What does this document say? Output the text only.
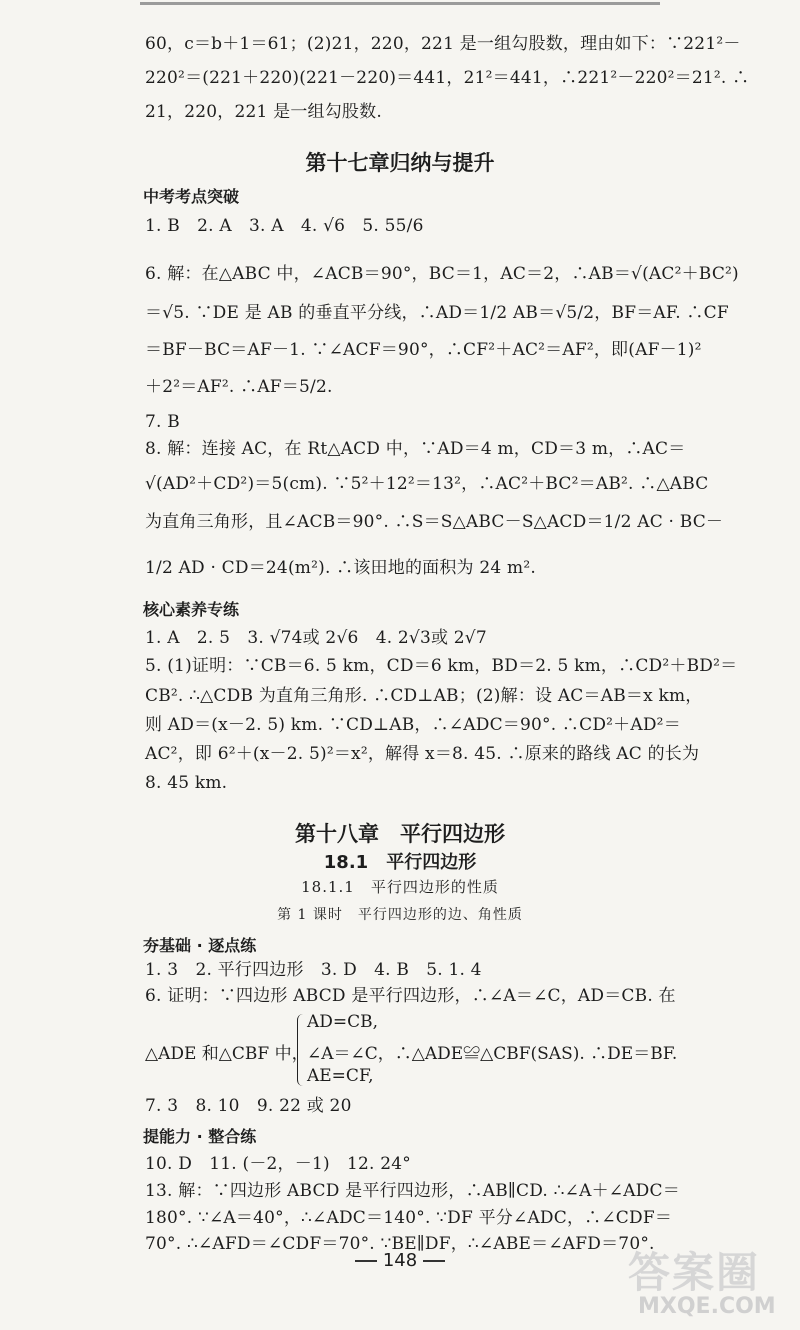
60，c＝b＋1＝61；(2)21，220，221 是一组勾股数，理由如下：∵221²－
220²＝(221＋220)(221－220)＝441，21²＝441，∴221²－220²＝21². ∴
21，220，221 是一组勾股数.
第十七章归纳与提升
中考考点突破
1. B　2. A　3. A　4. √6　5. 55/6
6. 解：在△ABC 中，∠ACB＝90°，BC＝1，AC＝2，∴AB＝√(AC²＋BC²)
＝√5. ∵DE 是 AB 的垂直平分线，∴AD＝1/2 AB＝√5/2，BF＝AF. ∴CF
＝BF－BC＝AF－1. ∵∠ACF＝90°，∴CF²＋AC²＝AF²，即(AF－1)²
＋2²＝AF². ∴AF＝5/2.
7. B
8. 解：连接 AC，在 Rt△ACD 中，∵AD＝4 m，CD＝3 m，∴AC＝
√(AD²＋CD²)＝5(cm). ∵5²＋12²＝13²，∴AC²＋BC²＝AB². ∴△ABC
为直角三角形，且∠ACB＝90°. ∴S＝S△ABC－S△ACD＝1/2 AC · BC－
1/2 AD · CD＝24(m²). ∴该田地的面积为 24 m².
核心素养专练
1. A　2. 5　3. √74或 2√6　4. 2√3或 2√7
5. (1)证明：∵CB＝6. 5 km，CD＝6 km，BD＝2. 5 km，∴CD²＋BD²＝
CB². ∴△CDB 为直角三角形. ∴CD⊥AB；(2)解：设 AC＝AB＝x km，
则 AD＝(x－2. 5) km. ∵CD⊥AB，∴∠ADC＝90°. ∴CD²＋AD²＝
AC²，即 6²＋(x－2. 5)²＝x²，解得 x＝8. 45. ∴原来的路线 AC 的长为
8. 45 km.
第十八章　平行四边形
18.1　平行四边形
18.1.1　平行四边形的性质
第 1 课时　平行四边形的边、角性质
夯基础 · 逐点练
1. 3　2. 平行四边形　3. D　4. B　5. 1. 4
6. 证明：∵四边形 ABCD 是平行四边形，∴∠A＝∠C，AD＝CB. 在
△ADE 和△CBF 中，
AD=CB,
∠A＝∠C，∴△ADE≌△CBF(SAS). ∴DE＝BF.
AE=CF,
7. 3　8. 10　9. 22 或 20
提能力 · 整合练
10. D　11. (－2，－1)　12. 24°
13. 解：∵四边形 ABCD 是平行四边形，∴AB∥CD. ∴∠A＋∠ADC＝
180°. ∵∠A＝40°，∴∠ADC＝140°. ∵DF 平分∠ADC，∴∠CDF＝
70°. ∴∠AFD＝∠CDF＝70°. ∵BE∥DF，∴∠ABE＝∠AFD＝70°.
148	答案圈
MXQE.COM
